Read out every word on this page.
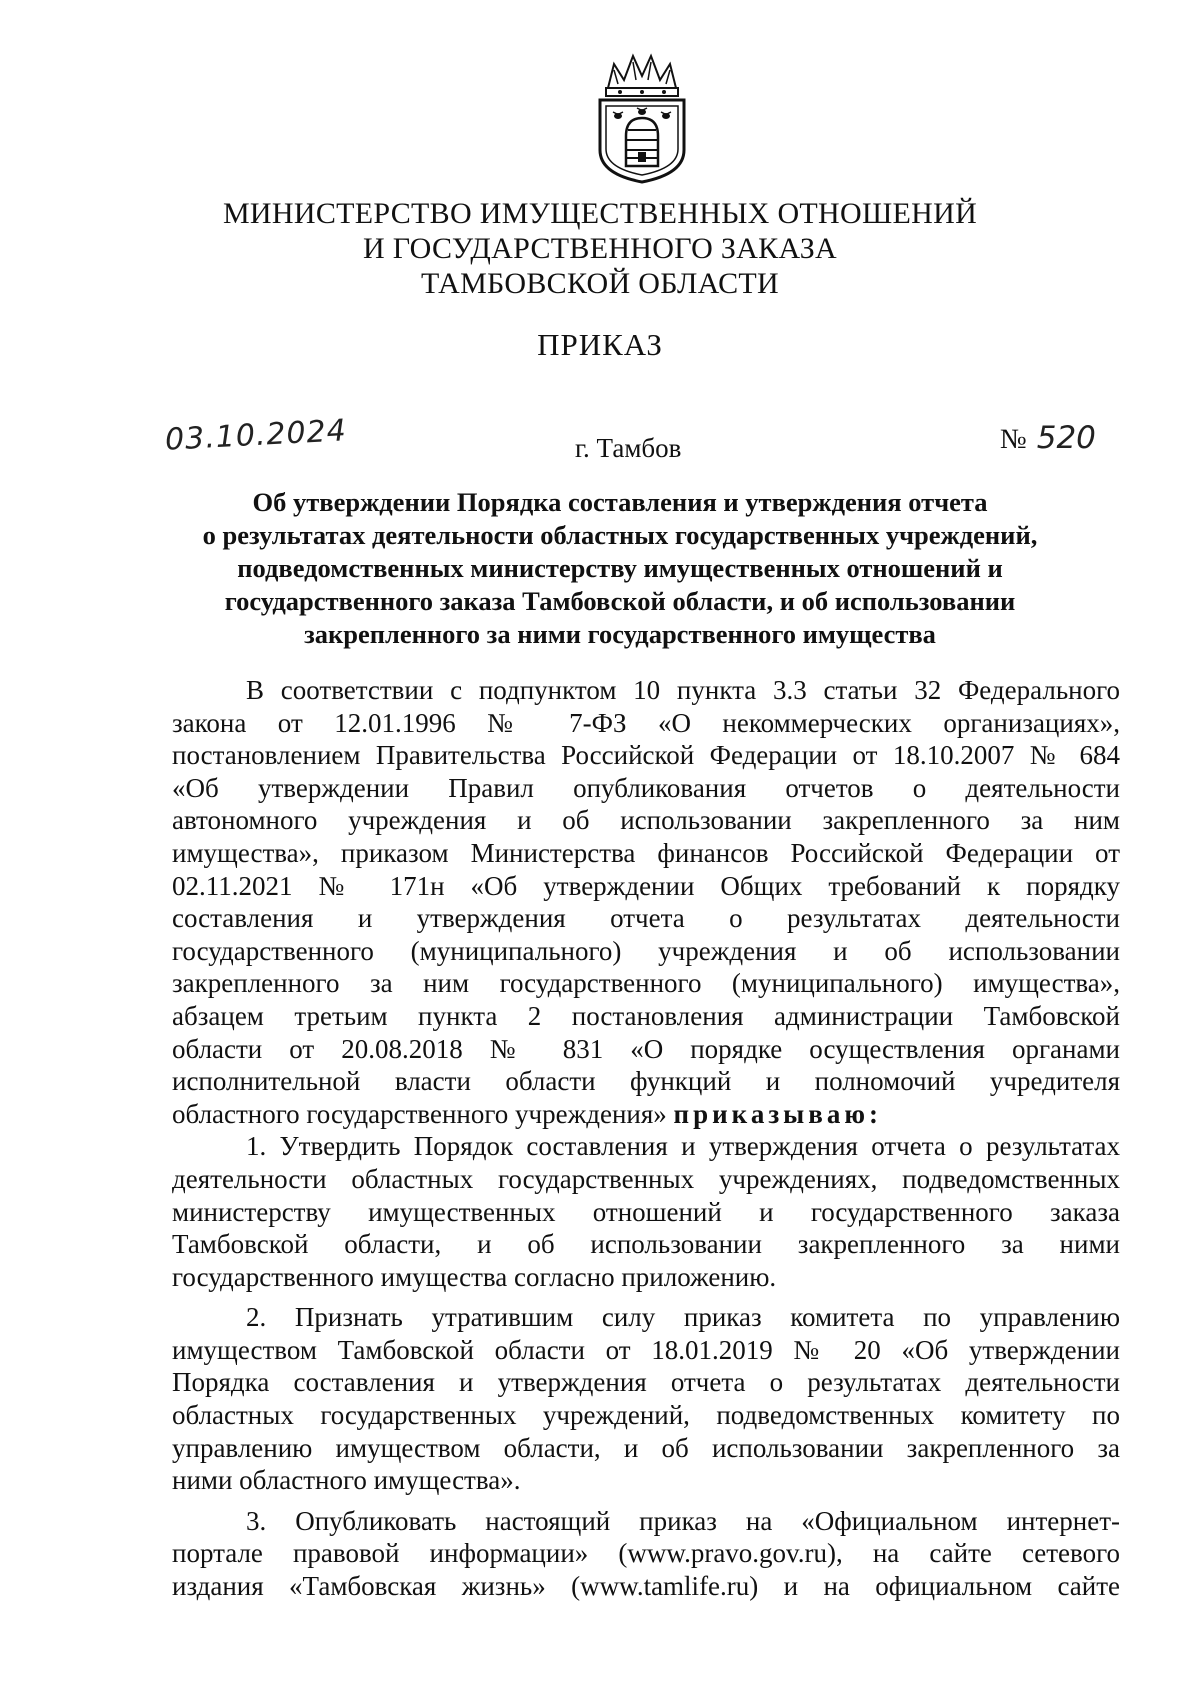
МИНИСТЕРСТВО ИМУЩЕСТВЕННЫХ ОТНОШЕНИЙ
И ГОСУДАРСТВЕННОГО ЗАКАЗА
ТАМБОВСКОЙ ОБЛАСТИ
ПРИКАЗ
03.10.2024	г. Тамбов	№ 520
Об утверждении Порядка составления и утверждения отчета
о результатах деятельности областных государственных учреждений,
подведомственных министерству имущественных отношений и
государственного заказа Тамбовской области, и об использовании
закрепленного за ними государственного имущества
В соответствии с подпунктом 10 пункта 3.3 статьи 32 Федерального
закона от 12.01.1996 № 7-ФЗ «О некоммерческих организациях»,
постановлением Правительства Российской Федерации от 18.10.2007 № 684
«Об утверждении Правил опубликования отчетов о деятельности
автономного учреждения и об использовании закрепленного за ним
имущества», приказом Министерства финансов Российской Федерации от
02.11.2021 № 171н «Об утверждении Общих требований к порядку
составления и утверждения отчета о результатах деятельности
государственного (муниципального) учреждения и об использовании
закрепленного за ним государственного (муниципального) имущества»,
абзацем третьим пункта 2 постановления администрации Тамбовской
области от 20.08.2018 № 831 «О порядке осуществления органами
исполнительной власти области функций и полномочий учредителя
областного государственного учреждения» приказываю:
1. Утвердить Порядок составления и утверждения отчета о результатах
деятельности областных государственных учреждениях, подведомственных
министерству имущественных отношений и государственного заказа
Тамбовской области, и об использовании закрепленного за ними
государственного имущества согласно приложению.
2. Признать утратившим силу приказ комитета по управлению
имуществом Тамбовской области от 18.01.2019 № 20 «Об утверждении
Порядка составления и утверждения отчета о результатах деятельности
областных государственных учреждений, подведомственных комитету по
управлению имуществом области, и об использовании закрепленного за
ними областного имущества».
3. Опубликовать настоящий приказ на «Официальном интернет-
портале правовой информации» (www.pravo.gov.ru), на сайте сетевого
издания «Тамбовская жизнь» (www.tamlife.ru) и на официальном сайте
